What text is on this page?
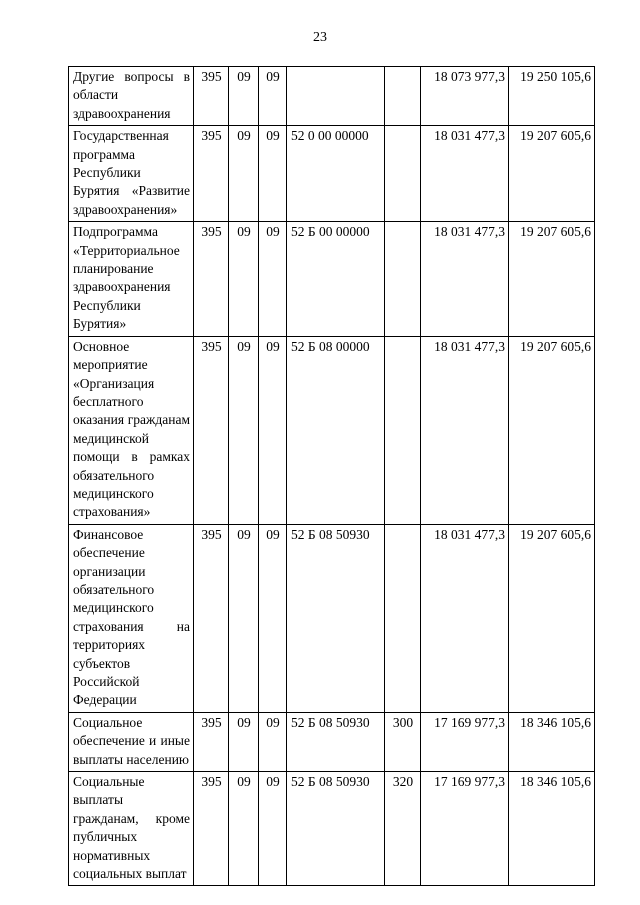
23
Другие вопросы в области здравоохранения	395	09	09			18 073 977,3	19 250 105,6
Государственная программа Республики Бурятия «Развитие здравоохранения»	395	09	09	52 0 00 00000		18 031 477,3	19 207 605,6
Подпрограмма «Территориальное планирование здравоохранения Республики Бурятия»	395	09	09	52 Б 00 00000		18 031 477,3	19 207 605,6
Основное мероприятие «Организация бесплатного оказания гражданам медицинской помощи в рамках обязательного медицинского страхования»	395	09	09	52 Б 08 00000		18 031 477,3	19 207 605,6
Финансовое обеспечение организации обязательного медицинского страхования на территориях субъектов Российской Федерации	395	09	09	52 Б 08 50930		18 031 477,3	19 207 605,6
Социальное обеспечение и иные выплаты населению	395	09	09	52 Б 08 50930	300	17 169 977,3	18 346 105,6
Социальные выплаты гражданам, кроме публичных нормативных социальных выплат	395	09	09	52 Б 08 50930	320	17 169 977,3	18 346 105,6
